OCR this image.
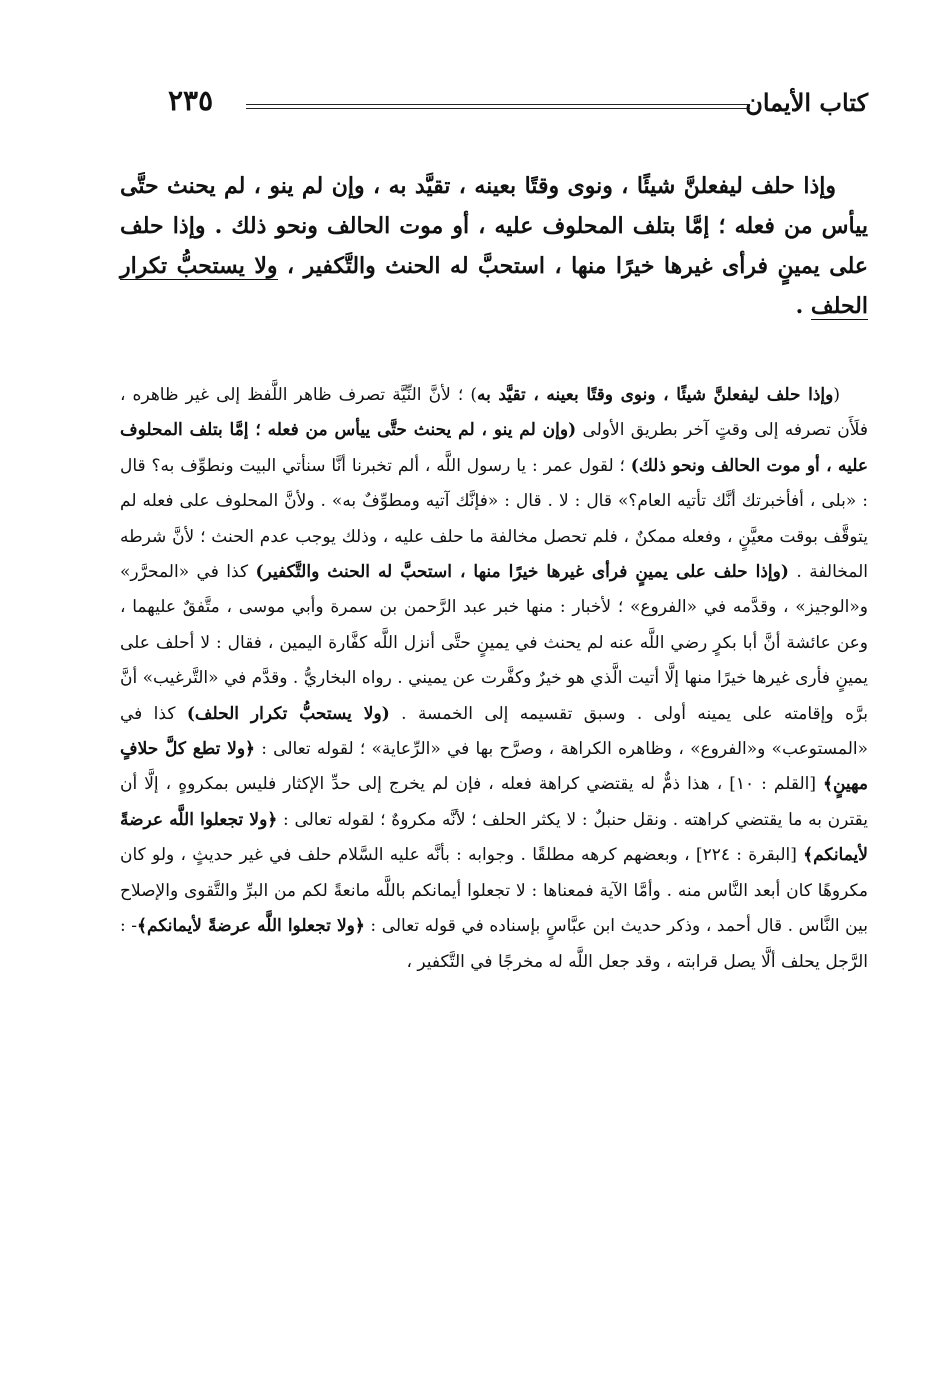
٢٣٥	كتاب الأيمان

وإذا حلف ليفعلنَّ شيئًا ، ونوى وقتًا بعينه ، تقيَّد به ، وإن لم ينو ، لم يحنث حتَّى ييأس من فعله ؛ إمَّا بتلف المحلوف عليه ، أو موت الحالف ونحو ذلك . وإذا حلف على يمينٍ فرأى غيرها خيرًا منها ، استحبَّ له الحنث والتَّكفير ، ولا يستحبُّ تكرار الحلف .

(وإذا حلف ليفعلنَّ شيئًا ، ونوى وقتًا بعينه ، تقيَّد به) ؛ لأنَّ النِّيَّة تصرف ظاهر اللَّفظ إلى غير ظاهره ، فلَأَن تصرفه إلى وقتٍ آخر بطريق الأولى (وإن لم ينو ، لم يحنث حتَّى ييأس من فعله ؛ إمَّا بتلف المحلوف عليه ، أو موت الحالف ونحو ذلك) ؛ لقول عمر : يا رسول اللَّه ، ألم تخبرنا أنَّا سنأتي البيت ونطوِّف به؟ قال : «بلى ، أفأخبرتك أنَّك تأتيه العام؟» قال : لا . قال : «فإنَّك آتيه ومطوِّفٌ به» . ولأنَّ المحلوف على فعله لم يتوقَّف بوقت معيَّنٍ ، وفعله ممكنٌ ، فلم تحصل مخالفة ما حلف عليه ، وذلك يوجب عدم الحنث ؛ لأنَّ شرطه المخالفة . (وإذا حلف على يمينٍ فرأى غيرها خيرًا منها ، استحبَّ له الحنث والتَّكفير) كذا في «المحرَّر» و«الوجيز» ، وقدَّمه في «الفروع» ؛ لأخبار : منها خبر عبد الرَّحمن بن سمرة وأبي موسى ، متَّفقٌ عليهما ، وعن عائشة أنَّ أبا بكرٍ رضي اللَّه عنه لم يحنث في يمينٍ حتَّى أنزل اللَّه كفَّارة اليمين ، فقال : لا أحلف على يمينٍ فأرى غيرها خيرًا منها إلَّا أتيت الَّذي هو خيرٌ وكفَّرت عن يميني . رواه البخاريُّ . وقدَّم في «التَّرغيب» أنَّ برَّه وإقامته على يمينه أولى . وسبق تقسيمه إلى الخمسة . (ولا يستحبُّ تكرار الحلف) كذا في «المستوعب» و«الفروع» ، وظاهره الكراهة ، وصرَّح بها في «الرِّعاية» ؛ لقوله تعالى : ﴿ولا تطع كلَّ حلافٍ مهينٍ﴾ [القلم : ١٠] ، هذا ذمٌّ له يقتضي كراهة فعله ، فإن لم يخرج إلى حدِّ الإكثار فليس بمكروهٍ ، إلَّا أن يقترن به ما يقتضي كراهته . ونقل حنبلٌ : لا يكثر الحلف ؛ لأنَّه مكروهٌ ؛ لقوله تعالى : ﴿ولا تجعلوا اللَّه عرضةً لأيمانكم﴾ [البقرة : ٢٢٤] ، وبعضهم كرهه مطلقًا . وجوابه : بأنَّه عليه السَّلام حلف في غير حديثٍ ، ولو كان مكروهًا كان أبعد النَّاس منه . وأمَّا الآية فمعناها : لا تجعلوا أيمانكم باللَّه مانعةً لكم من البرِّ والتَّقوى والإصلاح بين النَّاس . قال أحمد ، وذكر حديث ابن عبَّاسٍ بإسناده في قوله تعالى : ﴿ولا تجعلوا اللَّه عرضةً لأيمانكم﴾- : الرَّجل يحلف ألَّا يصل قرابته ، وقد جعل اللَّه له مخرجًا في التَّكفير ،
